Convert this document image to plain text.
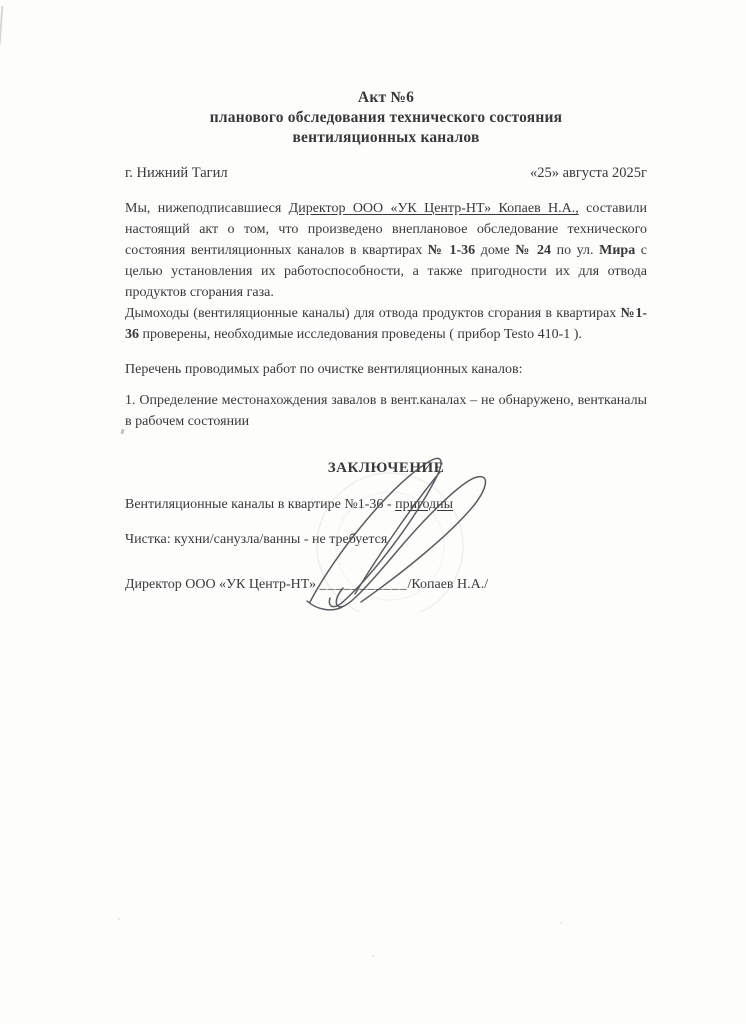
Акт №6
планового обследования технического состояния
вентиляционных каналов
г. Нижний Тагил	«25» августа 2025г

Мы, нижеподписавшиеся Директор ООО «УК Центр-НТ» Копаев Н.А., составили настоящий акт о том, что произведено внеплановое обследование технического состояния вентиляционных каналов в квартирах № 1-36 доме № 24 по ул. Мира с целью установления их работоспособности, а также пригодности их для отвода продуктов сгорания газа.

Дымоходы (вентиляционные каналы) для отвода продуктов сгорания в квартирах №1-36 проверены, необходимые исследования проведены ( прибор Testo 410-1 ).

Перечень проводимых работ по очистке вентиляционных каналов:

1. Определение местонахождения завалов в вент.каналах – не обнаружено, вентканалы в рабочем состоянии

ЗАКЛЮЧЕНИЕ

Вентиляционные каналы в квартире №1-36 - пригодны

Чистка: кухни/санузла/ванны - не требуется

Директор ООО «УК Центр-НТ» ___________/Копаев Н.А./
